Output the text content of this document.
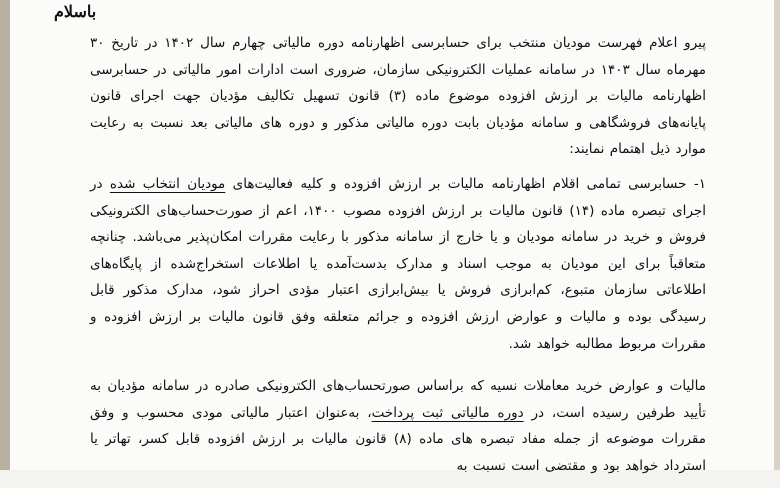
باسلام

پیرو اعلام فهرست مودیان منتخب برای حسابرسی اظهارنامه دوره مالیاتی چهارم سال ۱۴۰۲ در تاریخ ۳۰ مهرماه سال ۱۴۰۳ در سامانه عملیات الکترونیکی سازمان، ضروری است ادارات امور مالیاتی در حسابرسی اظهارنامه مالیات بر ارزش افزوده موضوع ماده (۳) قانون تسهیل تکالیف مؤدیان جهت اجرای قانون پایانه‌های فروشگاهی و سامانه مؤدیان بابت دوره مالیاتی مذکور و دوره های مالیاتی بعد نسبت به رعایت موارد ذیل اهتمام نمایند:

۱- حسابرسی تمامی اقلام اظهارنامه مالیات بر ارزش افزوده و کلیه فعالیت‌های مودیان انتخاب شده در اجرای تبصره ماده (۱۴) قانون مالیات بر ارزش افزوده مصوب ۱۴۰۰، اعم از صورت‌حساب‌های الکترونیکی فروش و خرید در سامانه مودیان و یا خارج از سامانه مذکور با رعایت مقررات امکان‌پذیر می‌باشد. چنانچه متعاقباً برای این مودیان به موجب اسناد و مدارک بدست‌آمده یا اطلاعات استخراج‌شده از پایگاه‌های اطلاعاتی سازمان متبوع، کم‌ابرازی فروش یا بیش‌ابرازی اعتبار مؤدی احراز شود، مدارک مذکور قابل رسیدگی بوده و مالیات و عوارض ارزش افزوده و جرائم متعلقه وفق قانون مالیات بر ارزش افزوده و مقررات مربوط مطالبه خواهد شد.

مالیات و عوارض خرید معاملات نسیه که براساس صورتحساب‌های الکترونیکی صادره در سامانه مؤدیان به تأیید طرفین رسیده است، در دوره مالیاتی ثبت پرداخت، به‌عنوان اعتبار مالیاتی مودی محسوب و وفق مقررات موضوعه از جمله مفاد تبصره های ماده (۸) قانون مالیات بر ارزش افزوده قابل کسر، تهاتر یا استرداد خواهد بود و مقتضی است نسبت به
